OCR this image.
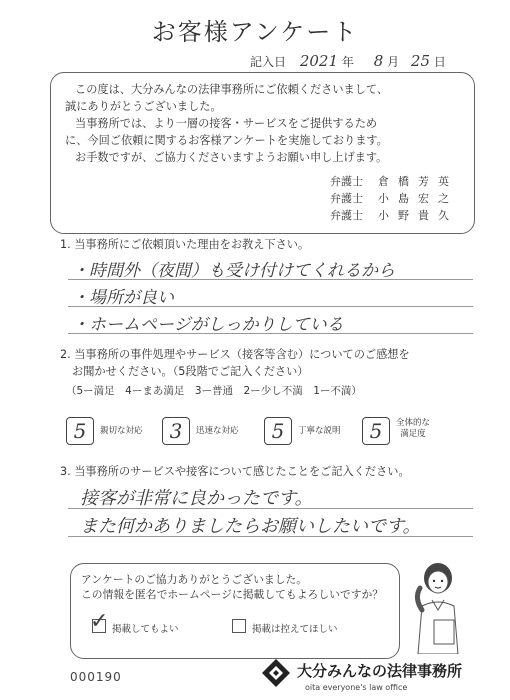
お客様アンケート
記入日 2021 年 8 月 25 日

この度は、大分みんなの法律事務所にご依頼くださいまして、

誠にありがとうございました。

当事務所では、より一層の接客・サービスをご提供するため

に、今回ご依頼に関するお客様アンケートを実施しております。

お手数ですが、ご協力くださいますようお願い申し上げます。

弁護士	倉橋芳英
弁護士	小島宏之
弁護士	小野貴久
1. 当事務所にご依頼頂いた理由をお教え下さい。
・時間外（夜間）も受け付けてくれるから
・場所が良い
・ホームページがしっかりしている
2. 当事務所の事件処理やサービス（接客等含む）についてのご感想を
お聞かせください。（5段階でご記入ください）
（5ー満足　4ーまあ満足　3ー普通　2ー少し不満　1ー不満）
5	親切な対応	3	迅速な対応	5	丁寧な説明	5	全体的な
満足度
3. 当事務所のサービスや接客について感じたことをご記入ください。
接客が非常に良かったです。
また何かありましたらお願いしたいです。
アンケートのご協力ありがとうございました。
この情報を匿名でホームページに掲載してもよろしいですか？
✓ 掲載してもよい	掲載は控えてほしい
000190	大分みんなの法律事務所
oita everyone's law office
